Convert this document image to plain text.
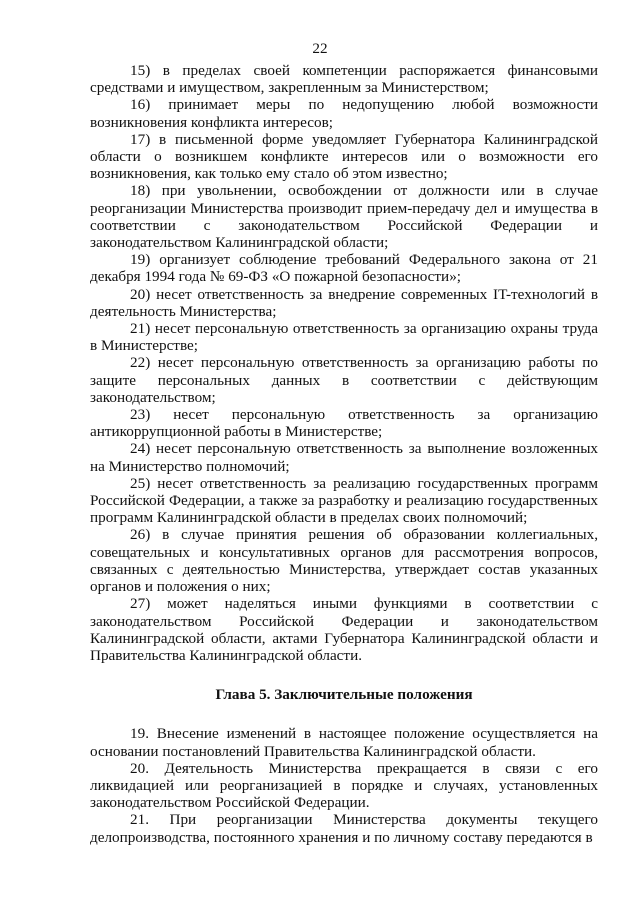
22

15) в пределах своей компетенции распоряжается финансовыми средствами и имуществом, закрепленным за Министерством;

16) принимает меры по недопущению любой возможности возникновения конфликта интересов;

17) в письменной форме уведомляет Губернатора Калининградской области о возникшем конфликте интересов или о возможности его возникновения, как только ему стало об этом известно;

18) при увольнении, освобождении от должности или в случае реорганизации Министерства производит прием-передачу дел и имущества в соответствии с законодательством Российской Федерации и законодательством Калининградской области;

19) организует соблюдение требований Федерального закона от 21 декабря 1994 года № 69-ФЗ «О пожарной безопасности»;

20) несет ответственность за внедрение современных IT-технологий в деятельность Министерства;

21) несет персональную ответственность за организацию охраны труда в Министерстве;

22) несет персональную ответственность за организацию работы по защите персональных данных в соответствии с действующим законодательством;

23) несет персональную ответственность за организацию антикоррупционной работы в Министерстве;

24) несет персональную ответственность за выполнение возложенных на Министерство полномочий;

25) несет ответственность за реализацию государственных программ Российской Федерации, а также за разработку и реализацию государственных программ Калининградской области в пределах своих полномочий;

26) в случае принятия решения об образовании коллегиальных, совещательных и консультативных органов для рассмотрения вопросов, связанных с деятельностью Министерства, утверждает состав указанных органов и положения о них;

27) может наделяться иными функциями в соответствии с законодательством Российской Федерации и законодательством Калининградской области, актами Губернатора Калининградской области и Правительства Калининградской области.

Глава 5. Заключительные положения

19. Внесение изменений в настоящее положение осуществляется на основании постановлений Правительства Калининградской области.

20. Деятельность Министерства прекращается в связи с его ликвидацией или реорганизацией в порядке и случаях, установленных законодательством Российской Федерации.

21. При реорганизации Министерства документы текущего делопроизводства, постоянного хранения и по личному составу передаются в
